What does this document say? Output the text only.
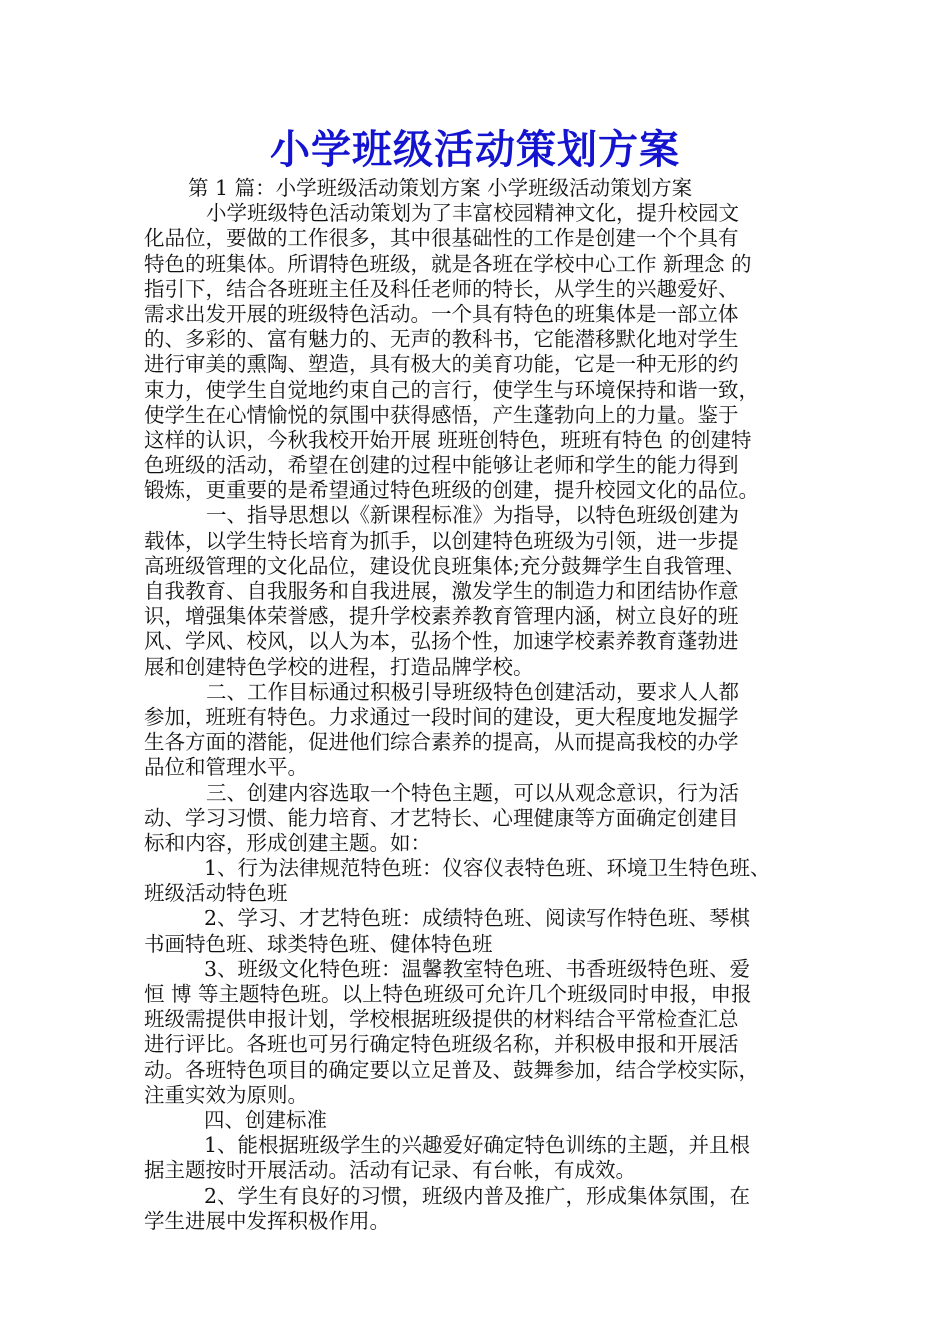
小学班级活动策划方案
第 1 篇：小学班级活动策划方案 小学班级活动策划方案
小学班级特色活动策划为了丰富校园精神文化，提升校园文
化品位，要做的工作很多，其中很基础性的工作是创建一个个具有
特色的班集体。所谓特色班级，就是各班在学校中心工作 新理念 的
指引下，结合各班班主任及科任老师的特长，从学生的兴趣爱好、
需求出发开展的班级特色活动。一个具有特色的班集体是一部立体
的、多彩的、富有魅力的、无声的教科书，它能潜移默化地对学生
进行审美的熏陶、塑造，具有极大的美育功能，它是一种无形的约
束力，使学生自觉地约束自己的言行，使学生与环境保持和谐一致，
使学生在心情愉悦的氛围中获得感悟，产生蓬勃向上的力量。鉴于
这样的认识，今秋我校开始开展 班班创特色，班班有特色 的创建特
色班级的活动，希望在创建的过程中能够让老师和学生的能力得到
锻炼，更重要的是希望通过特色班级的创建，提升校园文化的品位。
一、指导思想以《新课程标准》为指导，以特色班级创建为
载体，以学生特长培育为抓手，以创建特色班级为引领，进一步提
高班级管理的文化品位，建设优良班集体;充分鼓舞学生自我管理、
自我教育、自我服务和自我进展，激发学生的制造力和团结协作意
识，增强集体荣誉感，提升学校素养教育管理内涵，树立良好的班
风、学风、校风，以人为本，弘扬个性，加速学校素养教育蓬勃进
展和创建特色学校的进程，打造品牌学校。
二、工作目标通过积极引导班级特色创建活动，要求人人都
参加，班班有特色。力求通过一段时间的建设，更大程度地发掘学
生各方面的潜能，促进他们综合素养的提高，从而提高我校的办学
品位和管理水平。
三、创建内容选取一个特色主题，可以从观念意识，行为活
动、学习习惯、能力培育、才艺特长、心理健康等方面确定创建目
标和内容，形成创建主题。如：
1、行为法律规范特色班：仪容仪表特色班、环境卫生特色班、
班级活动特色班
2、学习、才艺特色班：成绩特色班、阅读写作特色班、琴棋
书画特色班、球类特色班、健体特色班
3、班级文化特色班：温馨教室特色班、书香班级特色班、爱
恒 博 等主题特色班。以上特色班级可允许几个班级同时申报，申报
班级需提供申报计划，学校根据班级提供的材料结合平常检查汇总
进行评比。各班也可另行确定特色班级名称，并积极申报和开展活
动。各班特色项目的确定要以立足普及、鼓舞参加，结合学校实际，
注重实效为原则。
四、创建标准
1、能根据班级学生的兴趣爱好确定特色训练的主题，并且根
据主题按时开展活动。活动有记录、有台帐，有成效。
2、学生有良好的习惯，班级内普及推广，形成集体氛围，在
学生进展中发挥积极作用。
